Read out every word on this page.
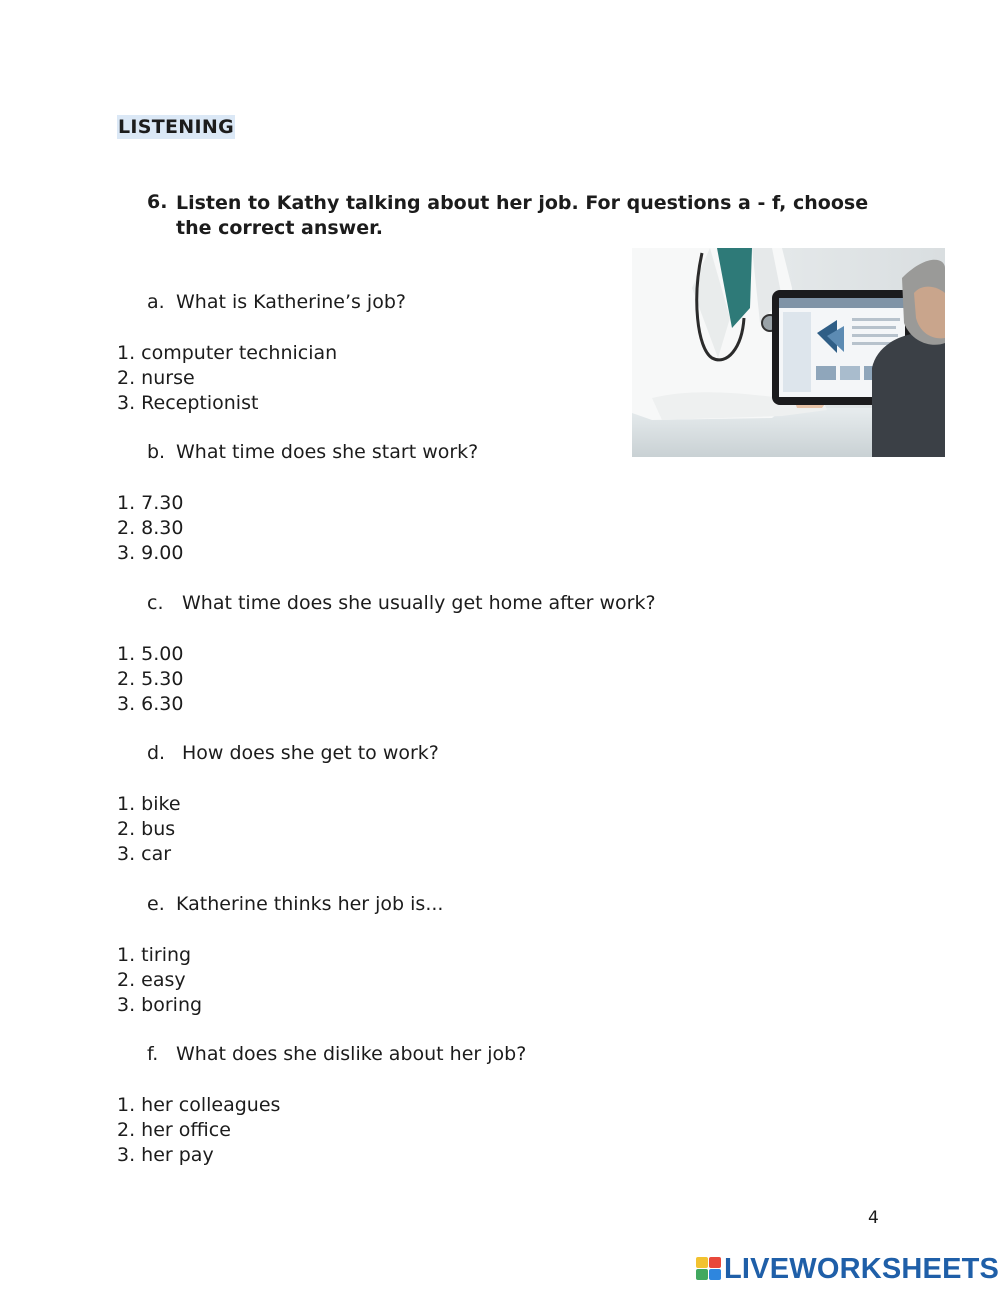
LISTENING
6. Listen to Kathy talking about her job. For questions a - f, choose the correct answer.
a. What is Katherine’s job?
1. computer technician
2. nurse
3. Receptionist
b. What time does she start work?
1. 7.30
2. 8.30
3. 9.00
c. What time does she usually get home after work?
1. 5.00
2. 5.30
3. 6.30
d. How does she get to work?
1. bike
2. bus
3. car
e. Katherine thinks her job is...
1. tiring
2. easy
3. boring
f. What does she dislike about her job?
1. her colleagues
2. her office
3. her pay
4
LIVEWORKSHEETS
